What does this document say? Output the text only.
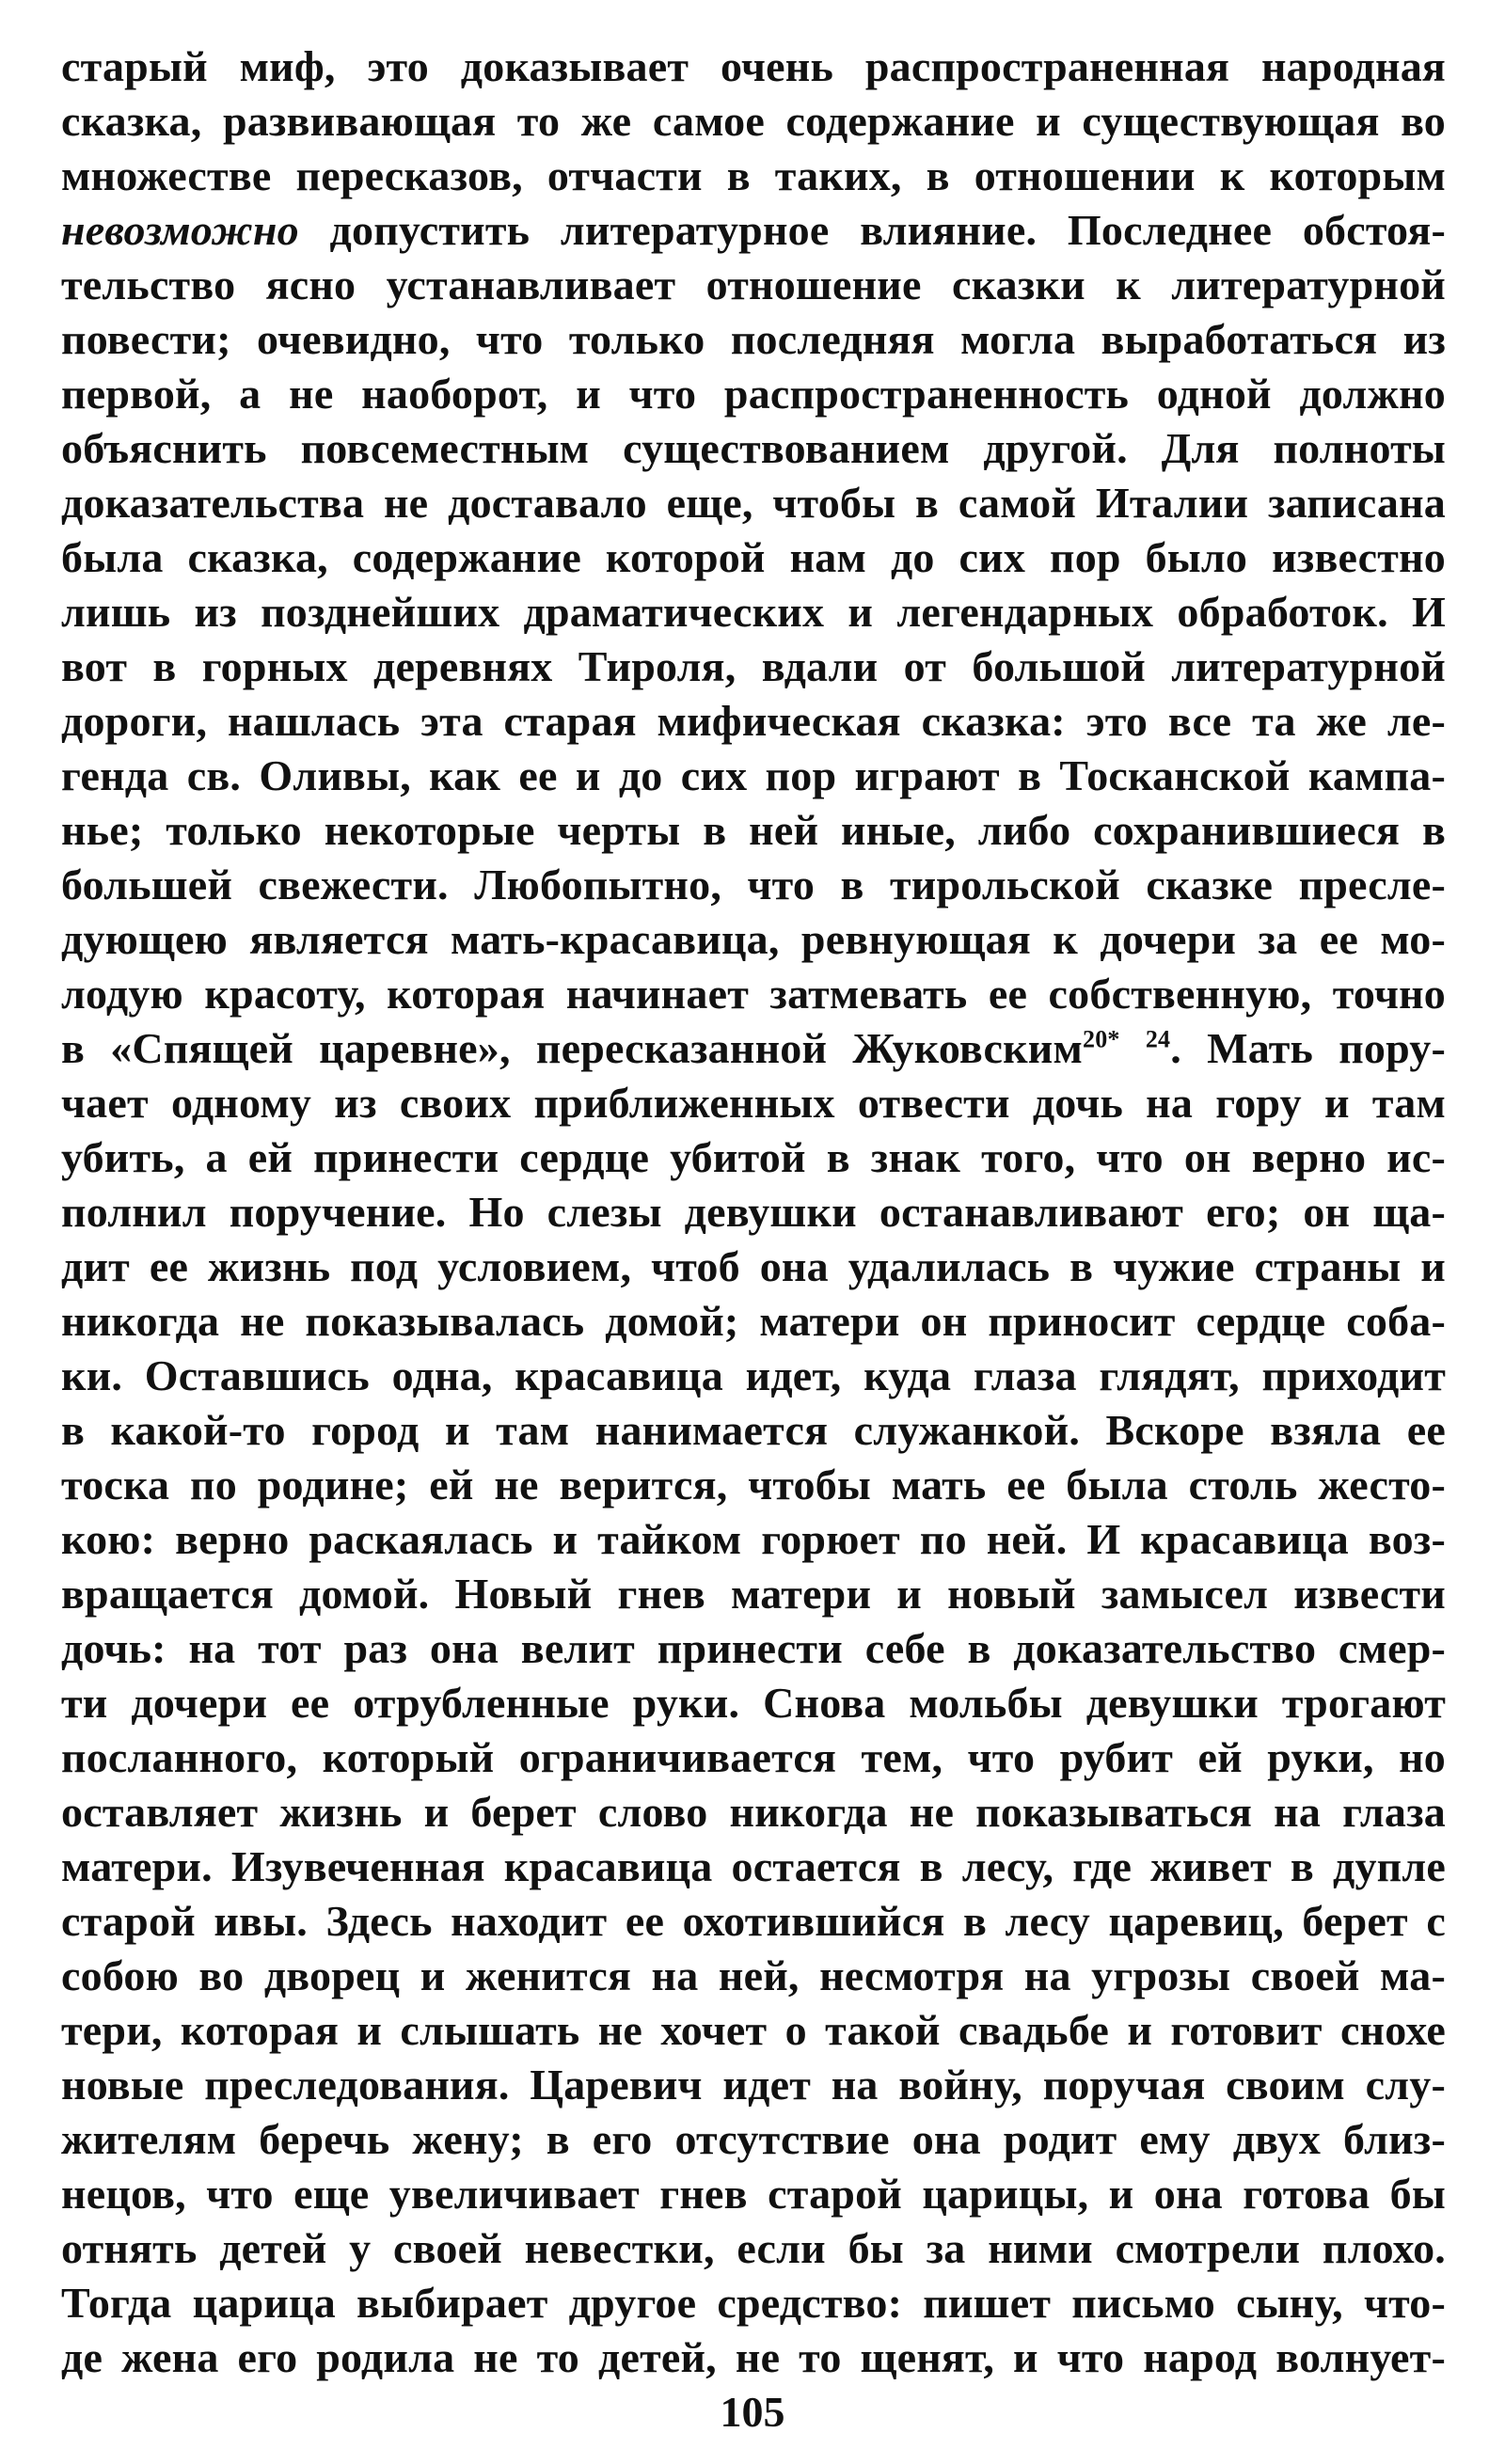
старый миф, это доказывает очень распространенная народная
сказка, развивающая то же самое содержание и существующая во
множестве пересказов, отчасти в таких, в отношении к которым
невозможно допустить литературное влияние. Последнее обстоя-
тельство ясно устанавливает отношение сказки к литературной
повести; очевидно, что только последняя могла выработаться из
первой, а не наоборот, и что распространенность одной должно
объяснить повсеместным существованием другой. Для полноты
доказательства не доставало еще, чтобы в самой Италии записана
была сказка, содержание которой нам до сих пор было известно
лишь из позднейших драматических и легендарных обработок. И
вот в горных деревнях Тироля, вдали от большой литературной
дороги, нашлась эта старая мифическая сказка: это все та же ле-
генда св. Оливы, как ее и до сих пор играют в Тосканской кампа-
нье; только некоторые черты в ней иные, либо сохранившиеся в
большей свежести. Любопытно, что в тирольской сказке пресле-
дующею является мать-красавица, ревнующая к дочери за ее мо-
лодую красоту, которая начинает затмевать ее собственную, точно
в «Спящей царевне», пересказанной Жуковским$^{20*}$ $^{24}$. Мать пору-
чает одному из своих приближенных отвести дочь на гору и там
убить, а ей принести сердце убитой в знак того, что он верно ис-
полнил поручение. Но слезы девушки останавливают его; он ща-
дит ее жизнь под условием, чтоб она удалилась в чужие страны и
никогда не показывалась домой; матери он приносит сердце соба-
ки. Оставшись одна, красавица идет, куда глаза глядят, приходит
в какой-то город и там нанимается служанкой. Вскоре взяла ее
тоска по родине; ей не верится, чтобы мать ее была столь жесто-
кою: верно раскаялась и тайком горюет по ней. И красавица воз-
вращается домой. Новый гнев матери и новый замысел извести
дочь: на тот раз она велит принести себе в доказательство смер-
ти дочери ее отрубленные руки. Снова мольбы девушки трогают
посланного, который ограничивается тем, что рубит ей руки, но
оставляет жизнь и берет слово никогда не показываться на глаза
матери. Изувеченная красавица остается в лесу, где живет в дупле
старой ивы. Здесь находит ее охотившийся в лесу царевиц, берет с
собою во дворец и женится на ней, несмотря на угрозы своей ма-
тери, которая и слышать не хочет о такой свадьбе и готовит снохе
новые преследования. Царевич идет на войну, поручая своим слу-
жителям беречь жену; в его отсутствие она родит ему двух близ-
нецов, что еще увеличивает гнев старой царицы, и она готова бы
отнять детей у своей невестки, если бы за ними смотрели плохо.
Тогда царица выбирает другое средство: пишет письмо сыну, что-
де жена его родила не то детей, не то щенят, и что народ волнует-
105
